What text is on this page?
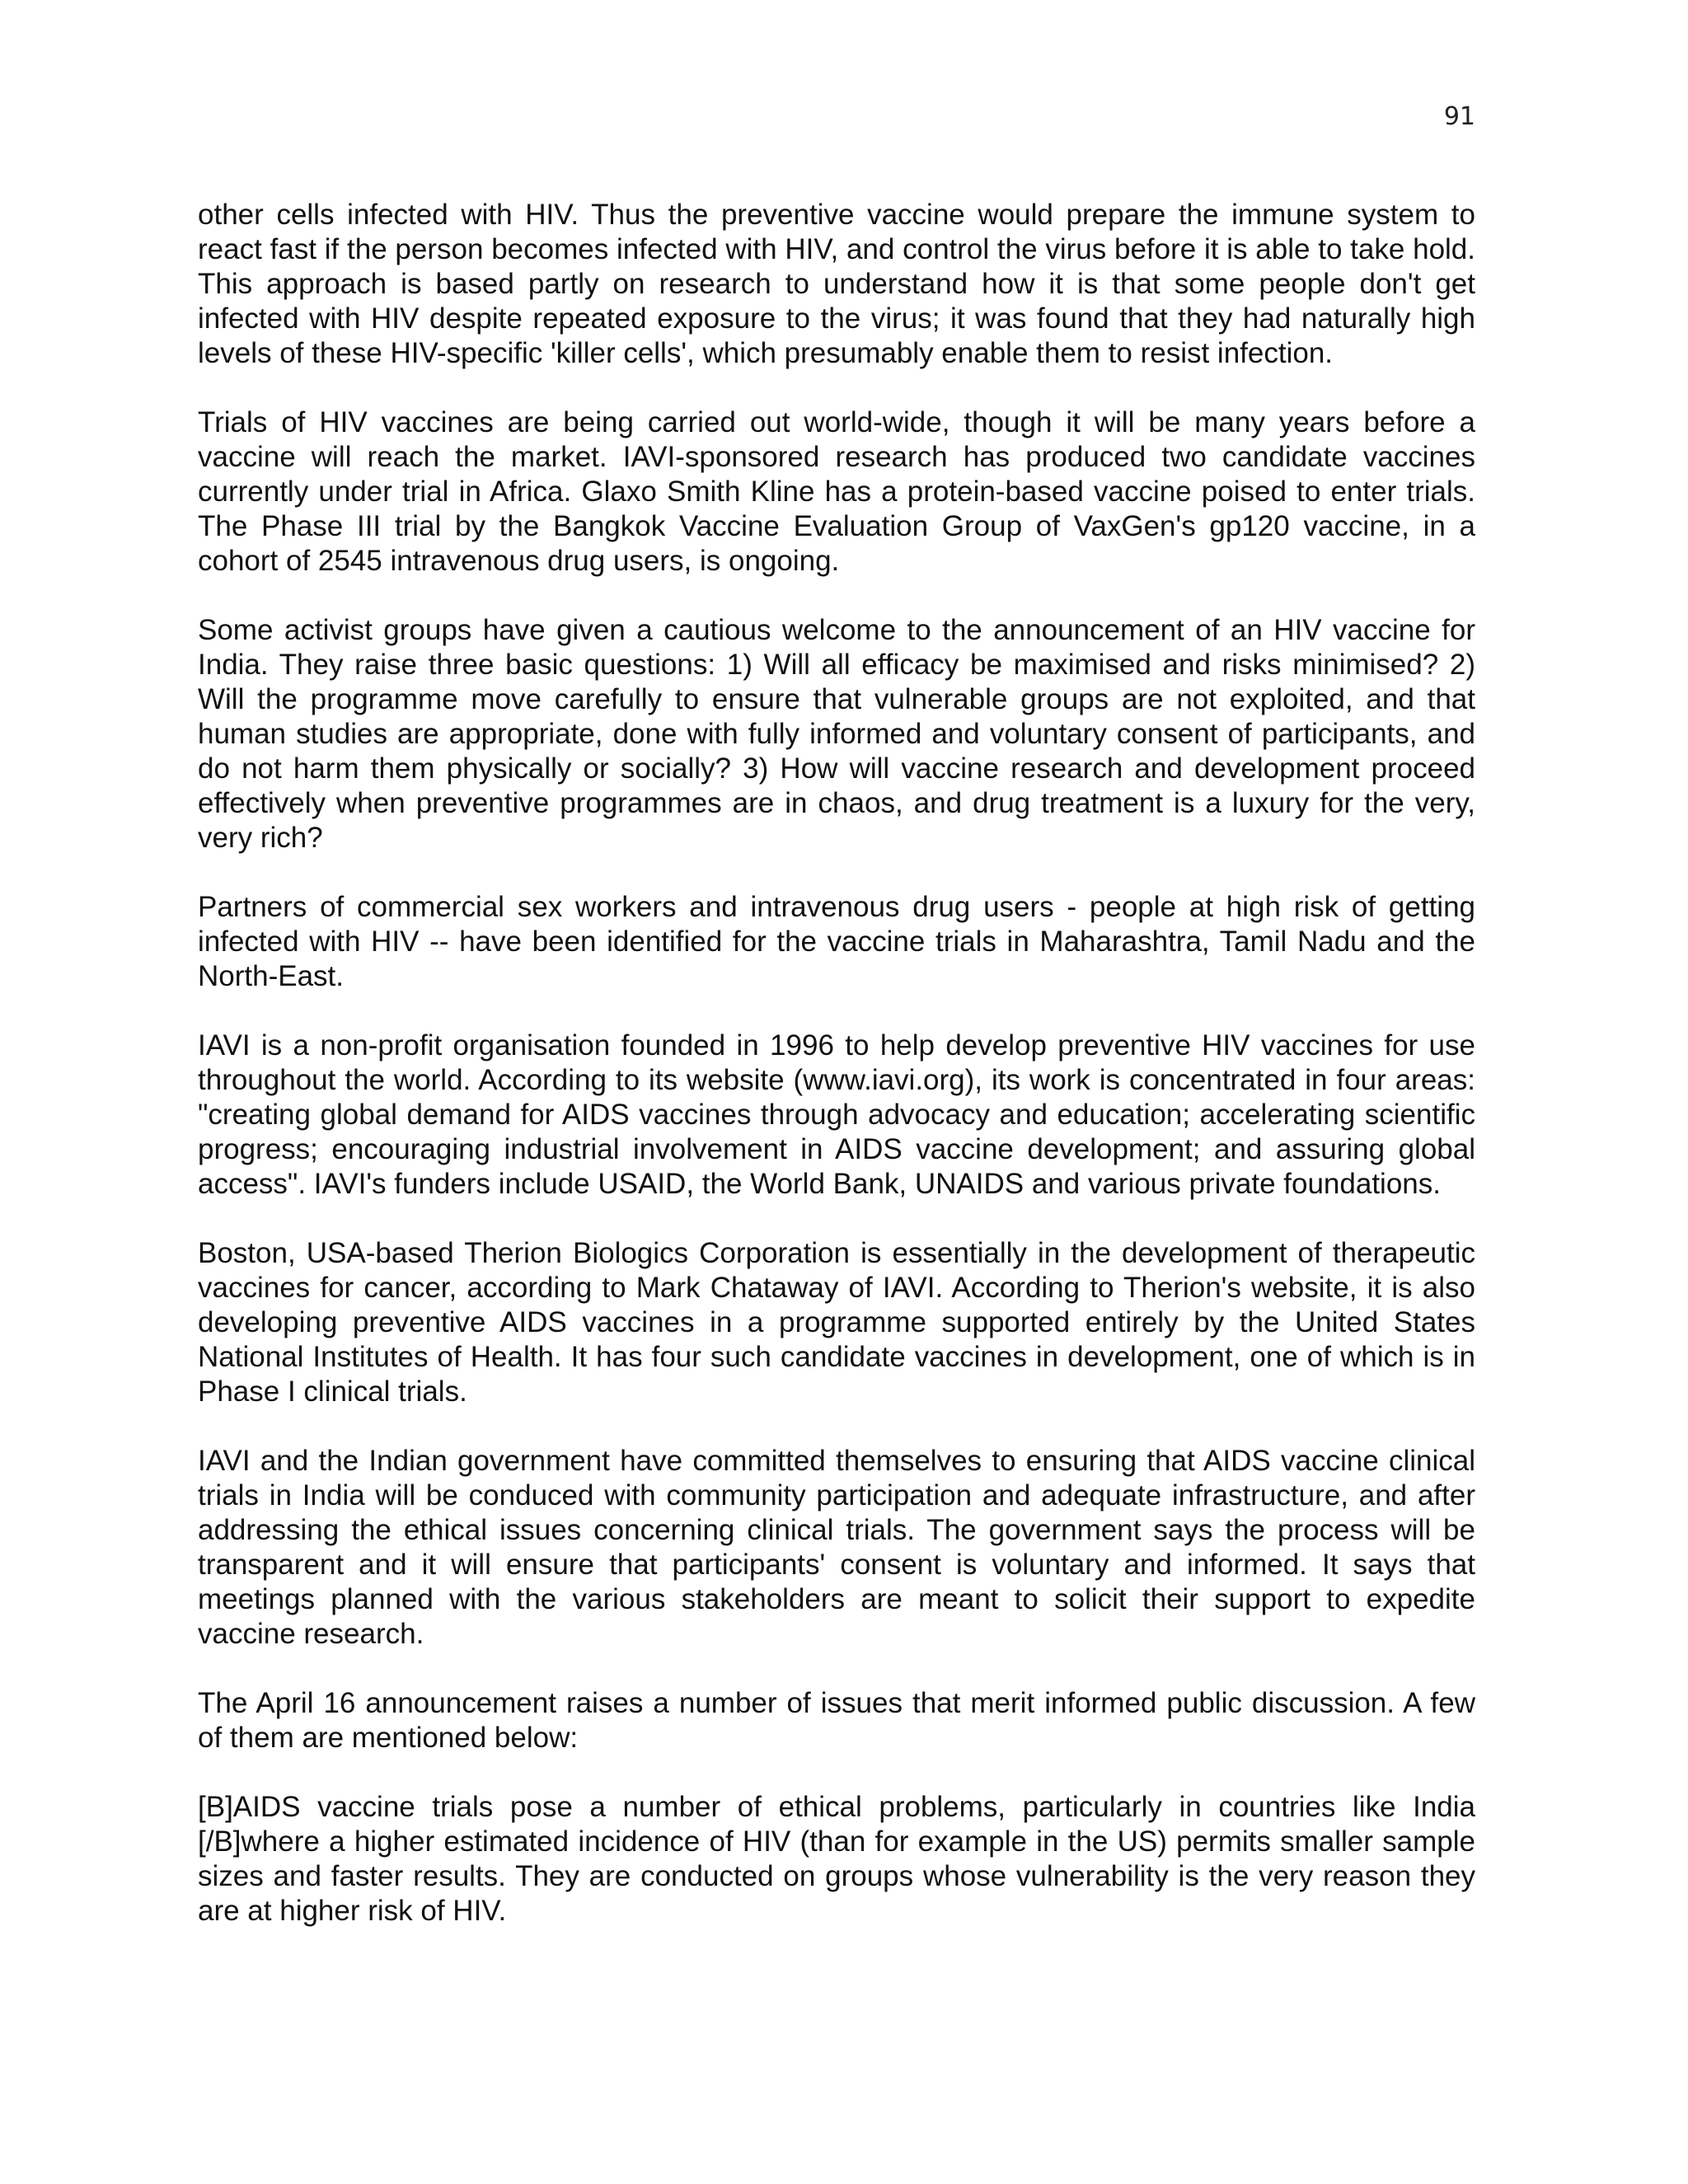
91

other cells infected with HIV. Thus the preventive vaccine would prepare the immune system to react fast if the person becomes infected with HIV, and control the virus before it is able to take hold. This approach is based partly on research to understand how it is that some people don't get infected with HIV despite repeated exposure to the virus; it was found that they had naturally high levels of these HIV-specific 'killer cells', which presumably enable them to resist infection.

Trials of HIV vaccines are being carried out world-wide, though it will be many years before a vaccine will reach the market. IAVI-sponsored research has produced two candidate vaccines currently under trial in Africa. Glaxo Smith Kline has a protein-based vaccine poised to enter trials. The Phase III trial by the Bangkok Vaccine Evaluation Group of VaxGen's gp120 vaccine, in a cohort of 2545 intravenous drug users, is ongoing.

Some activist groups have given a cautious welcome to the announcement of an HIV vaccine for India. They raise three basic questions: 1) Will all efficacy be maximised and risks minimised? 2) Will the programme move carefully to ensure that vulnerable groups are not exploited, and that human studies are appropriate, done with fully informed and voluntary consent of participants, and do not harm them physically or socially? 3) How will vaccine research and development proceed effectively when preventive programmes are in chaos, and drug treatment is a luxury for the very, very rich?

Partners of commercial sex workers and intravenous drug users - people at high risk of getting infected with HIV -- have been identified for the vaccine trials in Maharashtra, Tamil Nadu and the North-East.

IAVI is a non-profit organisation founded in 1996 to help develop preventive HIV vaccines for use throughout the world. According to its website (www.iavi.org), its work is concentrated in four areas: "creating global demand for AIDS vaccines through advocacy and education; accelerating scientific progress; encouraging industrial involvement in AIDS vaccine development; and assuring global access". IAVI's funders include USAID, the World Bank, UNAIDS and various private foundations.

Boston, USA-based Therion Biologics Corporation is essentially in the development of therapeutic vaccines for cancer, according to Mark Chataway of IAVI. According to Therion's website, it is also developing preventive AIDS vaccines in a programme supported entirely by the United States National Institutes of Health. It has four such candidate vaccines in development, one of which is in Phase I clinical trials.

IAVI and the Indian government have committed themselves to ensuring that AIDS vaccine clinical trials in India will be conduced with community participation and adequate infrastructure, and after addressing the ethical issues concerning clinical trials. The government says the process will be transparent and it will ensure that participants' consent is voluntary and informed. It says that meetings planned with the various stakeholders are meant to solicit their support to expedite vaccine research.

The April 16 announcement raises a number of issues that merit informed public discussion. A few of them are mentioned below:

[B]AIDS vaccine trials pose a number of ethical problems, particularly in countries like India [/B]where a higher estimated incidence of HIV (than for example in the US) permits smaller sample sizes and faster results. They are conducted on groups whose vulnerability is the very reason they are at higher risk of HIV.
